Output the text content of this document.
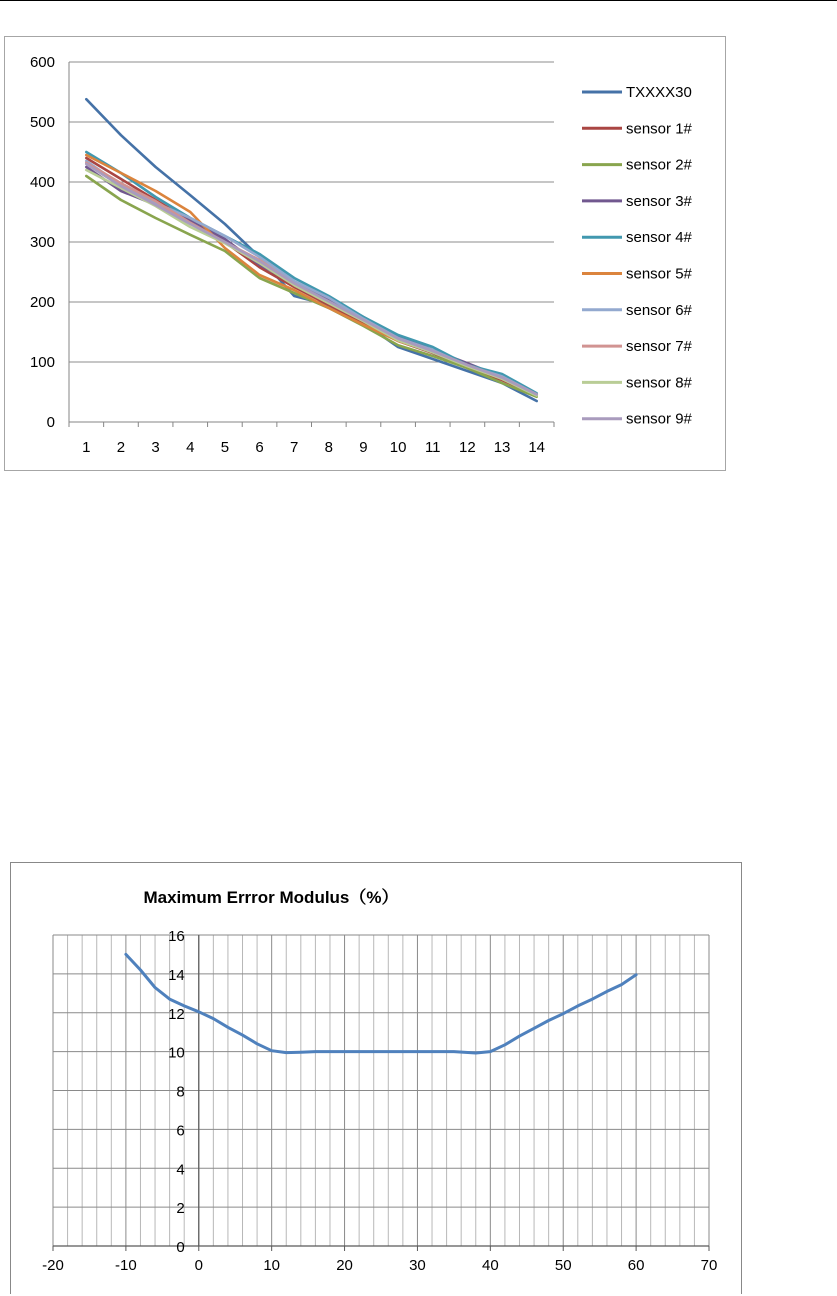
0
100
200
300
400
500
600
1 2 3 4 5 6 7 8 9 10 11 12 13 14
TXXXX30
sensor 1#
sensor 2#
sensor 3#
sensor 4#
sensor 5#
sensor 6#
sensor 7#
sensor 8#
sensor 9#
Maximum Errror Modulus（%）
0
2
4
6
8
10
12
14
16
-20	-10	0	10	20	30	40	50	60	70
